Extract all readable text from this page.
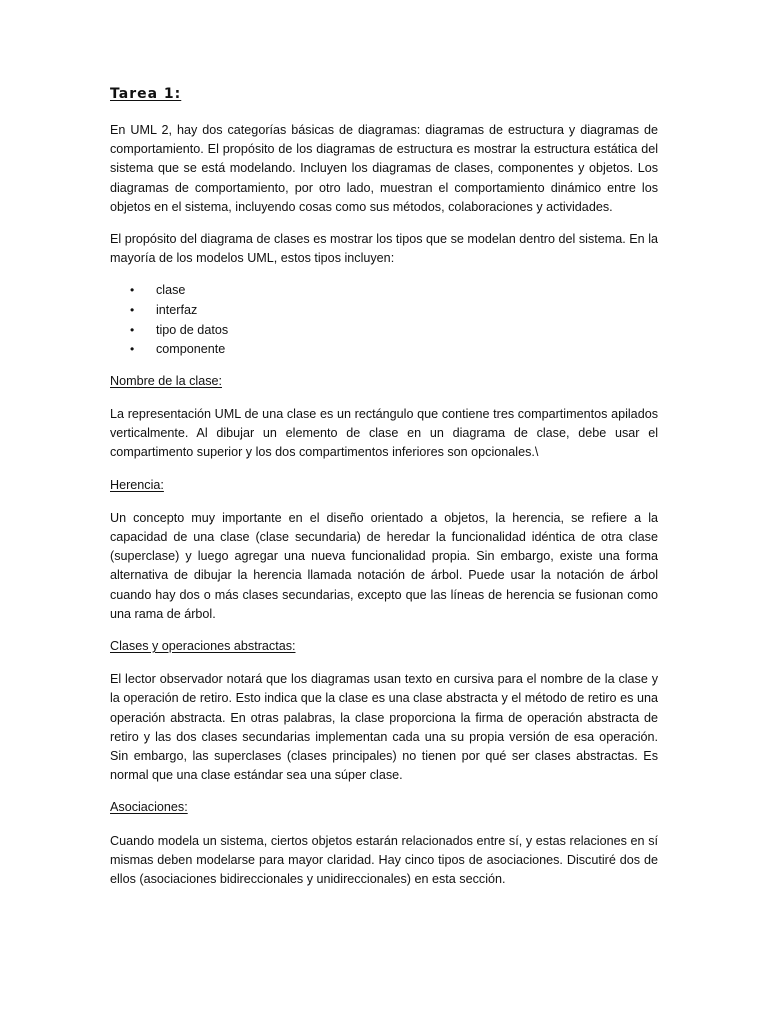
Tarea 1:

En UML 2, hay dos categorías básicas de diagramas: diagramas de estructura y diagramas de comportamiento. El propósito de los diagramas de estructura es mostrar la estructura estática del sistema que se está modelando. Incluyen los diagramas de clases, componentes y objetos. Los diagramas de comportamiento, por otro lado, muestran el comportamiento dinámico entre los objetos en el sistema, incluyendo cosas como sus métodos, colaboraciones y actividades.

El propósito del diagrama de clases es mostrar los tipos que se modelan dentro del sistema. En la mayoría de los modelos UML, estos tipos incluyen:

• clase
• interfaz
• tipo de datos
• componente
Nombre de la clase:

La representación UML de una clase es un rectángulo que contiene tres compartimentos apilados verticalmente. Al dibujar un elemento de clase en un diagrama de clase, debe usar el compartimento superior y los dos compartimentos inferiores son opcionales.\

Herencia:

Un concepto muy importante en el diseño orientado a objetos, la herencia, se refiere a la capacidad de una clase (clase secundaria) de heredar la funcionalidad idéntica de otra clase (superclase) y luego agregar una nueva funcionalidad propia. Sin embargo, existe una forma alternativa de dibujar la herencia llamada notación de árbol. Puede usar la notación de árbol cuando hay dos o más clases secundarias, excepto que las líneas de herencia se fusionan como una rama de árbol.

Clases y operaciones abstractas:

El lector observador notará que los diagramas usan texto en cursiva para el nombre de la clase y la operación de retiro. Esto indica que la clase es una clase abstracta y el método de retiro es una operación abstracta. En otras palabras, la clase proporciona la firma de operación abstracta de retiro y las dos clases secundarias implementan cada una su propia versión de esa operación. Sin embargo, las superclases (clases principales) no tienen por qué ser clases abstractas. Es normal que una clase estándar sea una súper clase.

Asociaciones:

Cuando modela un sistema, ciertos objetos estarán relacionados entre sí, y estas relaciones en sí mismas deben modelarse para mayor claridad. Hay cinco tipos de asociaciones. Discutiré dos de ellos (asociaciones bidireccionales y unidireccionales) en esta sección.
